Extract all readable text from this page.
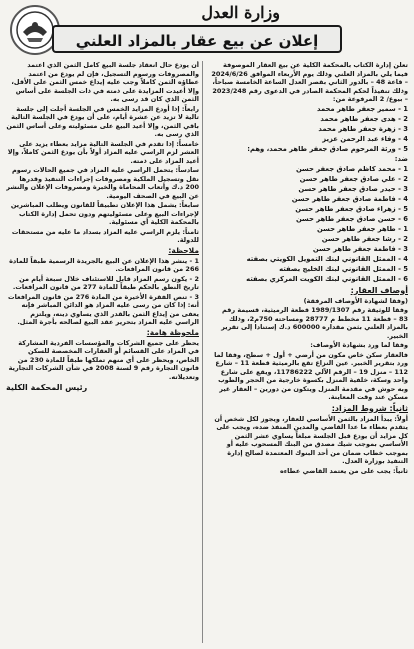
وزارة العدل
إعلان عن بيع عقار بالمزاد العلني

تعلن إدارة الكتاب بالمحكمة الكلية عن بيع العقار الموصوفة فيما يلي بالمزاد العلني وذلك يوم الأربعاء الموافق 2024/6/26 – قاعة 48 – بالدور الثاني بقصر العدل الساعة الخامسة صباحاً، وذلك تنفيذاً لحكم المحكمة الصادر في الدعوى رقم 2023/248 – بيوع/ 2 المرفوعة من:

1 - سمير جعفر طاهر محمد

2 - هدى جعفر طاهر محمد

3 - زهرة جعفر طاهر محمد

4 - وفاء عبد الرحمن عزيز

5 - ورثة المرحوم صادق جعفر طاهر محمد، وهم:

ضد:

1 - محمد كاظم صادق جعفر حسن

2 - علي صادق جعفر طاهر حسن

3 - حيدر صادق جعفر طاهر حسن

4 - فاطمة صادق جعفر طاهر حسن

5 - زهراء صادق جعفر طاهر حسن

6 - حسن صادق جعفر طاهر حسن

1 - طاهر جعفر طاهر حسن

2 - رشا جعفر طاهر حسن

3 - فاطمة جعفر طاهر حسن

4 - الممثل القانوني لبنك التمويل الكويتي بصفته

5 - الممثل القانوني لبنك الخليج بصفته

6 - الممثل القانوني لبنك الكويت المركزي بصفته

أوصاف العقار:

(وفقا لشهادة الأوصاف المرفقة)

وفقا للوثيقة رقم 1989/1307 قطعة الرميثية، قسيمة رقم 83 – قطعة 11 مخطط م 28777 ومساحته 750م2، وذلك بالمزاد العلني بثمن مقداره 600000 د.ك إستنادا إلى تقرير الخبير.

وفقا لما ورد بشهادة الأوصاف:

فالعقار سكن خاص مكون من أرضي + أول + سطح، وفقا لما ورد بتقرير الخبير. عين النزاع تقع بالرميثية قطعة 11 – شارع 112 – منزل 19 – الرقم الآلي 11786222، ويقع على شارع واحد وسكة، خلفية المنزل بكسوة خارجية من الحجر والطوب وبه حوش في مقدمة المنزل ويتكون من دورين – العقار غير مسكن عند وقت المعاينة.

ثانياً: شروط المزاد:

أولاً: يبدأ المزاد بالثمن الأساسي للعقار، ويجوز لكل شخص أن يتقدم بعطاء ما عدا القاضي والمدين المنفذ ضده، ويجب على كل مزايد أن يودع قبل الجلسة مبلغاً يساوي عشر الثمن الأساسي بموجب شيك مصدق من البنك المسحوب عليه أو بموجب خطاب ضمان من أحد البنوك المعتمدة لصالح إدارة التنفيذ بوزارة العدل.

ثانياً: يجب على من يعتمد القاضي عطاءه

أن يودع حال انعقاد جلسة البيع كامل الثمن الذي اعتمد والمصروفات ورسوم التسجيل، فإن لم يودع من اعتمد عطاؤه الثمن كاملاً وجب عليه إيداع خمس الثمن على الأقل، وإلا أعيدت المزايدة على ذمته في ذات الجلسة على أساس الثمن الذي كان قد رسى به.

رابعاً: إذا أودع المزايد الخمس في الجلسة أجلت إلى جلسة تالية لا تزيد عن عشرة أيام، على أن يودع في الجلسة التالية باقي الثمن، وإلا أعيد البيع على مسئوليته وعلى أساس الثمن الذي رسى به.

خامساً: إذا تقدم في الجلسة التالية مزايد بعطاء يزيد على العشر لزم الراسي عليه المزاد أولاً بأن يودع الثمن كاملاً، وإلا أعيد المزاد على ذمته.

سادساً: يتحمل الراسي عليه المزاد في جميع الحالات رسوم نقل وتسجيل الملكية ومصروفات إجراءات التنفيذ وقدرها 200 د.ك وأتعاب المحاماة والخبرة ومصروفات الإعلان والنشر عن البيع في الصحف اليومية.

سابعاً: يشمل هذا الإعلان تطبيقاً للقانون ويطلب المباشرين لإجراءات البيع وعلى مسئوليتهم ودون تحمل إدارة الكتاب بالمحكمة الكلية أي مسئولية.

ثامناً: يلزم الراسي عليه المزاد بسداد ما عليه من مستحقات للدولة.

ملاحظة:

1 - ينشر هذا الإعلان عن البيع بالجريدة الرسمية طبقاً للمادة 266 من قانون المرافعات.

2 - يكون رسم المزاد قابل للاستئناف خلال سبعة أيام من تاريخ النطق بالحكم طبقاً للمادة 277 من قانون المرافعات.

3 - تنص الفقرة الأخيرة من المادة 276 من قانون المرافعات أنه: إذا كان من رسى عليه المزاد هو الدائن المباشر فإنه يعفى من إيداع الثمن بالقدر الذي يساوي دينه، ويلتزم الراسي عليه المزاد بتحرير عقد البيع لصالحه بأجرة المثل.

ملحوظة هامة:

يحظر على جميع الشركات والمؤسسات الفردية المشاركة في المزاد على القسائم أو العقارات المخصصة للسكن الخاص، ويحظر على أي منهم تملكها طبقاً للمادة 230 من قانون التجارة رقم 9 لسنة 2008 في شأن الشركات التجارية وتعديلاته.

رئيس المحكمة الكلية
